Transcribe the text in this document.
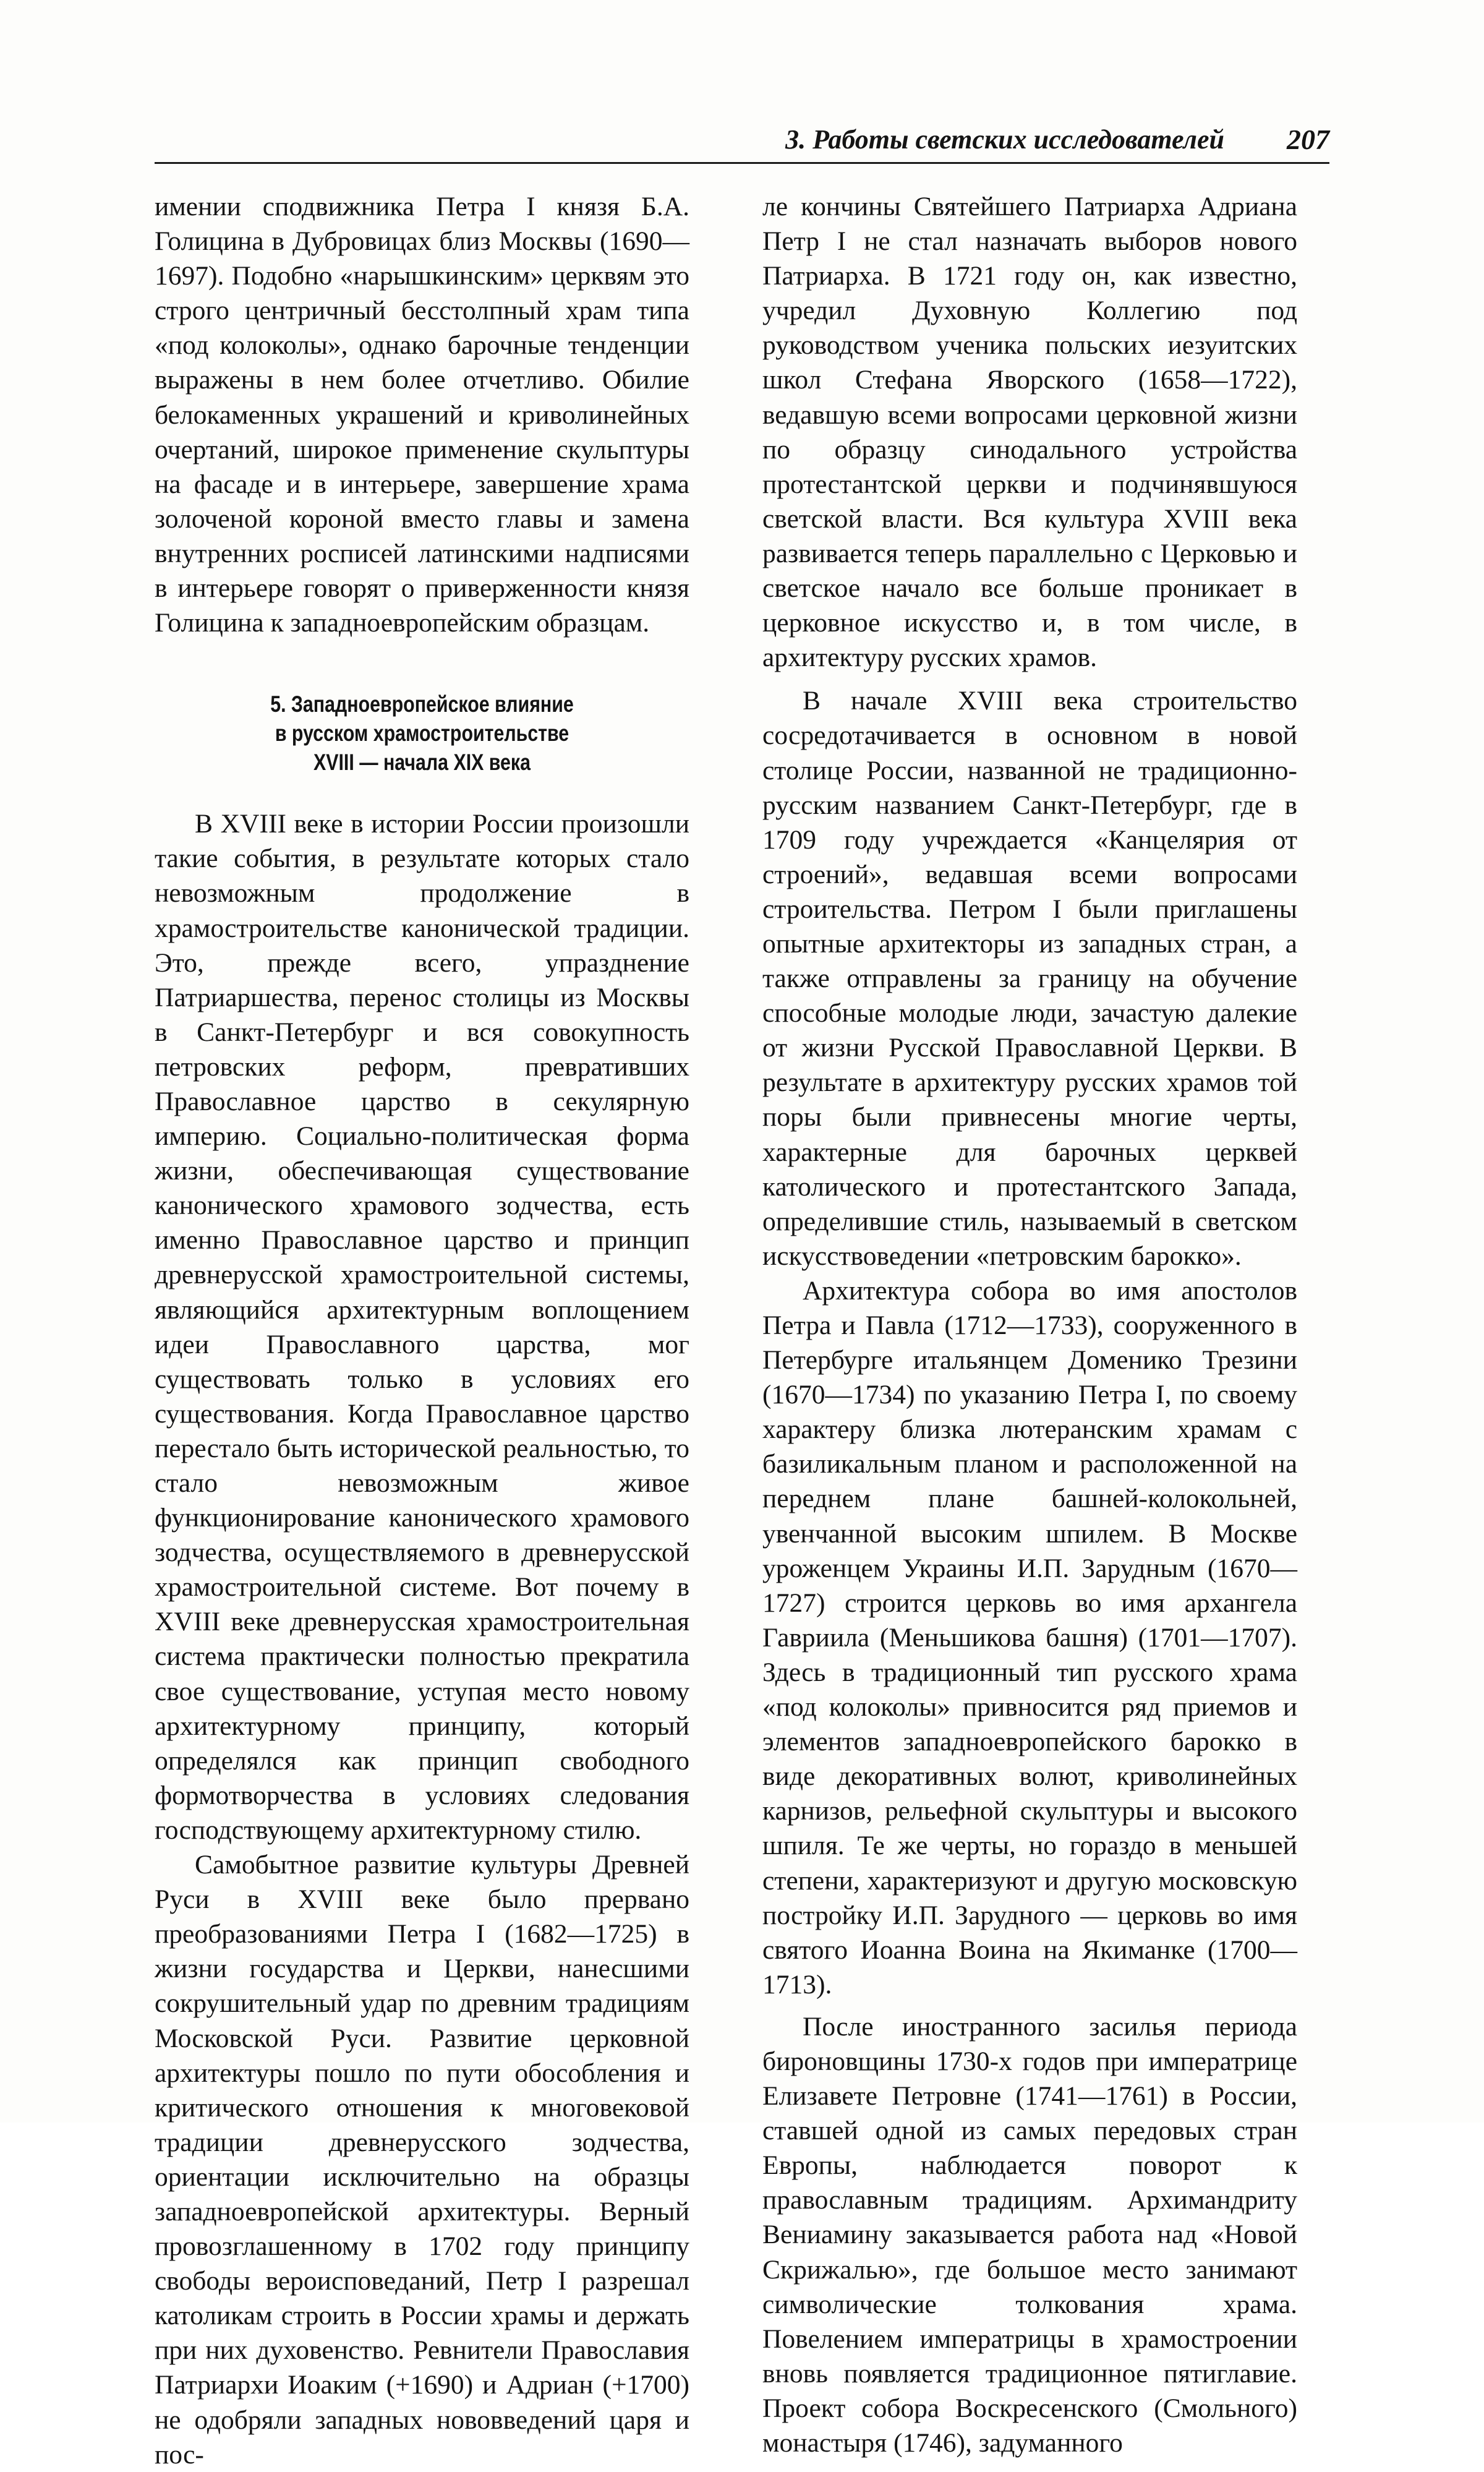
3. Работы светских исследователей 207

имении сподвижника Петра I князя Б.А. Голицина в Дубровицах близ Москвы (1690—1697). Подобно «нарышкинским» церквям это строго центричный бесстолпный храм типа «под колоколы», однако барочные тенденции выражены в нем более отчетливо. Обилие белокаменных украшений и криволинейных очертаний, широкое применение скульптуры на фасаде и в интерьере, завершение храма золоченой короной вместо главы и замена внутренних росписей латинскими надписями в интерьере говорят о приверженности князя Голицина к западноевропейским образцам.

5. Западноевропейское влияние
в русском храмостроительстве
XVIII — начала XIX века

В XVIII веке в истории России произошли такие события, в результате которых стало невозможным продолжение в храмостроительстве канонической традиции. Это, прежде всего, упразднение Патриаршества, перенос столицы из Москвы в Санкт-Петербург и вся совокупность петровских реформ, превративших Православное царство в секулярную империю. Социально-политическая форма жизни, обеспечивающая существование канонического храмового зодчества, есть именно Православное царство и принцип древнерусской храмостроительной системы, являющийся архитектурным воплощением идеи Православного царства, мог существовать только в условиях его существования. Когда Православное царство перестало быть исторической реальностью, то стало невозможным живое функционирование канонического храмового зодчества, осуществляемого в древнерусской храмостроительной системе. Вот почему в XVIII веке древнерусская храмостроительная система практически полностью прекратила свое существование, уступая место новому архитектурному принципу, который определялся как принцип свободного формотворчества в условиях следования господствующему архитектурному стилю.

Самобытное развитие культуры Древней Руси в XVIII веке было прервано преобразованиями Петра I (1682—1725) в жизни государства и Церкви, нанесшими сокрушительный удар по древним традициям Московской Руси. Развитие церковной архитектуры пошло по пути обособления и критического отношения к многовековой традиции древнерусского зодчества, ориентации исключительно на образцы западноевропейской архитектуры. Верный провозглашенному в 1702 году принципу свободы вероисповеданий, Петр I разрешал католикам строить в России храмы и держать при них духовенство. Ревнители Православия Патриархи Иоаким (+1690) и Адриан (+1700) не одобряли западных нововведений царя и пос-

ле кончины Святейшего Патриарха Адриана Петр I не стал назначать выборов нового Патриарха. В 1721 году он, как известно, учредил Духовную Коллегию под руководством ученика польских иезуитских школ Стефана Яворского (1658—1722), ведавшую всеми вопросами церковной жизни по образцу синодального устройства протестантской церкви и подчинявшуюся светской власти. Вся культура XVIII века развивается теперь параллельно с Церковью и светское начало все больше проникает в церковное искусство и, в том числе, в архитектуру русских храмов.

В начале XVIII века строительство сосредотачивается в основном в новой столице России, названной не традиционно-русским названием Санкт-Петербург, где в 1709 году учреждается «Канцелярия от строений», ведавшая всеми вопросами строительства. Петром I были приглашены опытные архитекторы из западных стран, а также отправлены за границу на обучение способные молодые люди, зачастую далекие от жизни Русской Православной Церкви. В результате в архитектуру русских храмов той поры были привнесены многие черты, характерные для барочных церквей католического и протестантского Запада, определившие стиль, называемый в светском искусствоведении «петровским барокко».

Архитектура собора во имя апостолов Петра и Павла (1712—1733), сооруженного в Петербурге итальянцем Доменико Трезини (1670—1734) по указанию Петра I, по своему характеру близка лютеранским храмам с базиликальным планом и расположенной на переднем плане башней-колокольней, увенчанной высоким шпилем. В Москве уроженцем Украины И.П. Зарудным (1670—1727) строится церковь во имя архангела Гавриила (Меньшикова башня) (1701—1707). Здесь в традиционный тип русского храма «под колоколы» привносится ряд приемов и элементов западноевропейского барокко в виде декоративных волют, криволинейных карнизов, рельефной скульптуры и высокого шпиля. Те же черты, но гораздо в меньшей степени, характеризуют и другую московскую постройку И.П. Зарудного — церковь во имя святого Иоанна Воина на Якиманке (1700—1713).

После иностранного засилья периода бироновщины 1730-х годов при императрице Елизавете Петровне (1741—1761) в России, ставшей одной из самых передовых стран Европы, наблюдается поворот к православным традициям. Архимандриту Вениамину заказывается работа над «Новой Скрижалью», где большое место занимают символические толкования храма. Повелением императрицы в храмостроении вновь появляется традиционное пятиглавие. Проект собора Воскресенского (Смольного) монастыря (1746), задуманного
